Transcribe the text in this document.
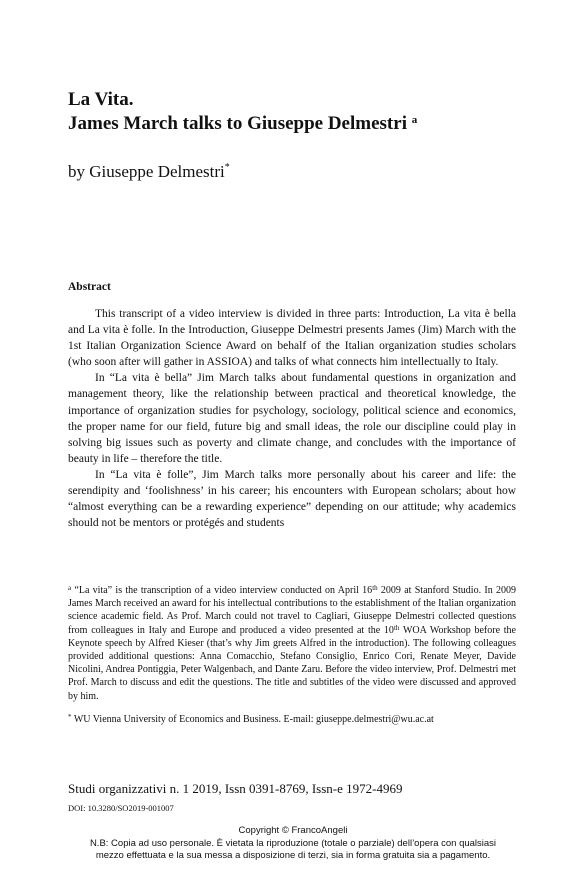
La Vita.
James March talks to Giuseppe Delmestri $^a$
by Giuseppe Delmestri*
Abstract

This transcript of a video interview is divided in three parts: Introduction, La vita è bella and La vita è folle. In the Introduction, Giuseppe Delmestri presents James (Jim) March with the 1st Italian Organization Science Award on behalf of the Italian organization studies scholars (who soon after will gather in ASSIOA) and talks of what connects him intellectually to Italy.

In “La vita è bella” Jim March talks about fundamental questions in organization and management theory, like the relationship between practical and theoretical knowledge, the importance of organization studies for psychology, sociology, political science and economics, the proper name for our field, future big and small ideas, the role our discipline could play in solving big issues such as poverty and climate change, and concludes with the importance of beauty in life – therefore the title.

In “La vita è folle”, Jim March talks more personally about his career and life: the serendipity and ‘foolishness’ in his career; his encounters with European scholars; about how “almost everything can be a rewarding experience” depending on our attitude; why academics should not be mentors or protégés and students

$^a$ “La vita” is the transcription of a video interview conducted on April 16th 2009 at Stanford Studio. In 2009 James March received an award for his intellectual contributions to the establishment of the Italian organization science academic field. As Prof. March could not travel to Cagliari, Giuseppe Delmestri collected questions from colleagues in Italy and Europe and produced a video presented at the 10th WOA Workshop before the Keynote speech by Alfred Kieser (that’s why Jim greets Alfred in the introduction). The following colleagues provided additional questions: Anna Comacchio, Stefano Consiglio, Enrico Cori, Renate Meyer, Davide Nicolini, Andrea Pontiggia, Peter Walgenbach, and Dante Zaru. Before the video interview, Prof. Delmestri met Prof. March to discuss and edit the questions. The title and subtitles of the video were discussed and approved by him.

* WU Vienna University of Economics and Business. E-mail: giuseppe.delmestri@wu.ac.at

Studi organizzativi n. 1 2019, Issn 0391-8769, Issn-e 1972-4969
DOI: 10.3280/SO2019-001007
Copyright © FrancoAngeli
N.B: Copia ad uso personale. È vietata la riproduzione (totale o parziale) dell’opera con qualsiasi
mezzo effettuata e la sua messa a disposizione di terzi, sia in forma gratuita sia a pagamento.
